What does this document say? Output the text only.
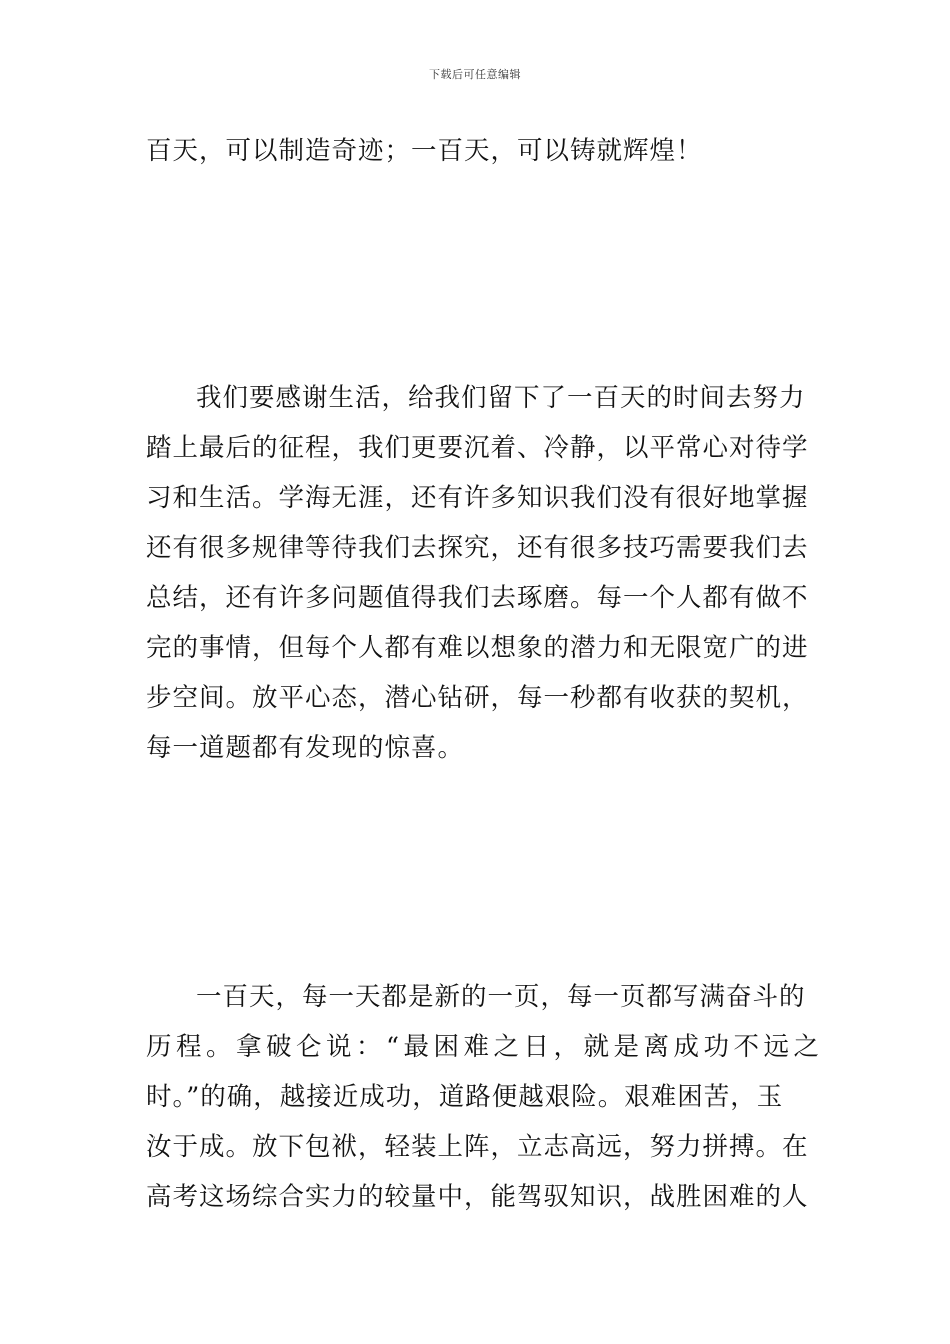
下载后可任意编辑
百天，可以制造奇迹；一百天，可以铸就辉煌！
我们要感谢生活，给我们留下了一百天的时间去努力
踏上最后的征程，我们更要沉着、冷静，以平常心对待学
习和生活。学海无涯，还有许多知识我们没有很好地掌握
还有很多规律等待我们去探究，还有很多技巧需要我们去
总结，还有许多问题值得我们去琢磨。每一个人都有做不
完的事情，但每个人都有难以想象的潜力和无限宽广的进
步空间。放平心态，潜心钻研，每一秒都有收获的契机，
每一道题都有发现的惊喜。
一百天，每一天都是新的一页，每一页都写满奋斗的
历程。拿破仑说：“最困难之日，就是离成功不远之
时。”的确，越接近成功，道路便越艰险。艰难困苦，玉
汝于成。放下包袱，轻装上阵，立志高远，努力拼搏。在
高考这场综合实力的较量中，能驾驭知识，战胜困难的人
